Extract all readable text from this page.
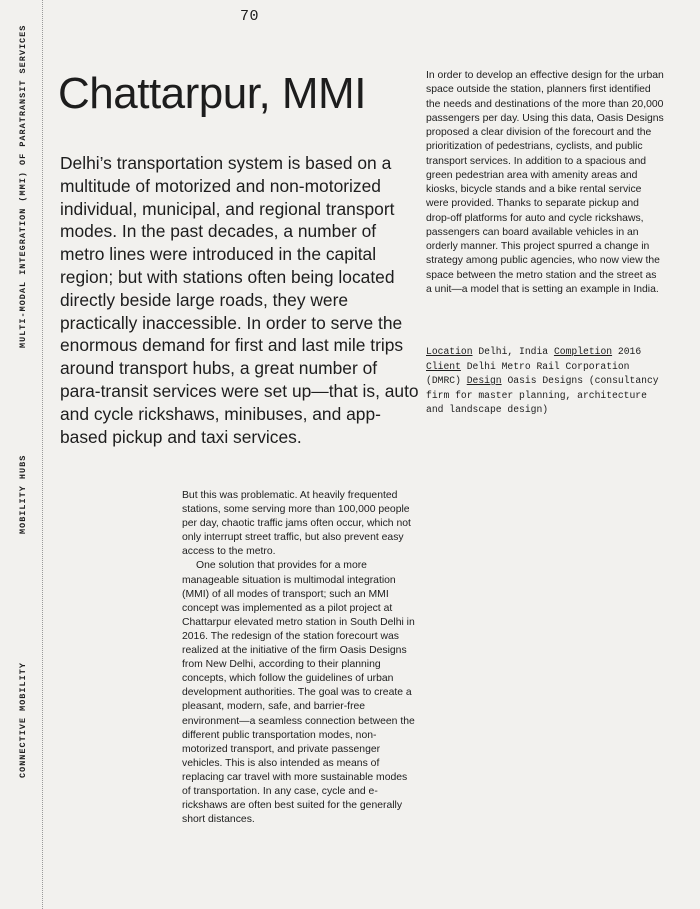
70
MULTI-MODAL INTEGRATION (MMI) OF PARATRANSIT SERVICES
MOBILITY HUBS
CONNECTIVE MOBILITY
Chattarpur, MMI

Delhi’s transportation system is based on a multitude of motorized and non-motorized individual, municipal, and regional transport modes. In the past decades, a number of metro lines were introduced in the capital region; but with stations often being located directly beside large roads, they were practically inaccessible. In order to serve the enormous demand for first and last mile trips around transport hubs, a great number of para-transit services were set up—that is, auto and cycle rickshaws, minibuses, and app-based pickup and taxi services.

In order to develop an effective design for the urban space outside the station, planners first identified the needs and destinations of the more than 20,000 passengers per day. Using this data, Oasis Designs proposed a clear division of the forecourt and the prioritization of pedestrians, cyclists, and public transport services. In addition to a spacious and green pedestrian area with amenity areas and kiosks, bicycle stands and a bike rental service were provided. Thanks to separate pickup and drop-off platforms for auto and cycle rickshaws, passengers can board available vehicles in an orderly manner. This project spurred a change in strategy among public agencies, who now view the space between the metro station and the street as a unit—a model that is setting an example in India.

Location Delhi, India Completion 2016 Client Delhi Metro Rail Corporation (DMRC) Design Oasis Designs (consultancy firm for master planning, architecture and landscape design)

But this was problematic. At heavily frequented stations, some serving more than 100,000 people per day, chaotic traffic jams often occur, which not only interrupt street traffic, but also prevent easy access to the metro.

One solution that provides for a more manageable situation is multimodal integration (MMI) of all modes of transport; such an MMI concept was implemented as a pilot project at Chattarpur elevated metro station in South Delhi in 2016. The redesign of the station forecourt was realized at the initiative of the firm Oasis Designs from New Delhi, according to their planning concepts, which follow the guidelines of urban development authorities. The goal was to create a pleasant, modern, safe, and barrier-free environment—a seamless connection between the different public transportation modes, non-motorized transport, and private passenger vehicles. This is also intended as means of replacing car travel with more sustainable modes of transportation. In any case, cycle and e-rickshaws are often best suited for the generally short distances.
